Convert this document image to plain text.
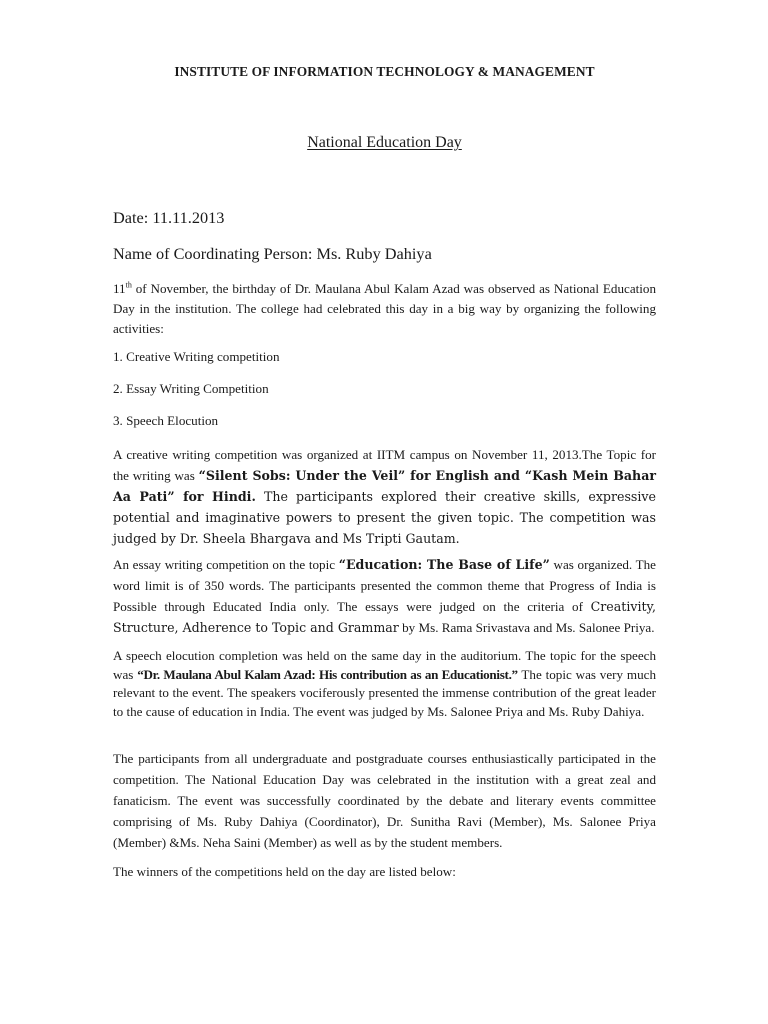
INSTITUTE OF INFORMATION TECHNOLOGY & MANAGEMENT
National Education Day
Date: 11.11.2013
Name of Coordinating Person: Ms. Ruby Dahiya
11th of November, the birthday of Dr. Maulana Abul Kalam Azad was observed as National Education Day in the institution. The college had celebrated this day in a big way by organizing the following activities:
1. Creative Writing competition
2. Essay Writing Competition
3. Speech Elocution
A creative writing competition was organized at IITM campus on November 11, 2013.The Topic for the writing was “Silent Sobs: Under the Veil” for English and “Kash Mein Bahar Aa Pati” for Hindi. The participants explored their creative skills, expressive potential and imaginative powers to present the given topic. The competition was judged by Dr. Sheela Bhargava and Ms Tripti Gautam.
An essay writing competition on the topic “Education: The Base of Life” was organized. The word limit is of 350 words. The participants presented the common theme that Progress of India is Possible through Educated India only. The essays were judged on the criteria of Creativity, Structure, Adherence to Topic and Grammar by Ms. Rama Srivastava and Ms. Salonee Priya.
A speech elocution completion was held on the same day in the auditorium. The topic for the speech was “Dr. Maulana Abul Kalam Azad: His contribution as an Educationist.” The topic was very much relevant to the event. The speakers vociferously presented the immense contribution of the great leader to the cause of education in India. The event was judged by Ms. Salonee Priya and Ms. Ruby Dahiya.
The participants from all undergraduate and postgraduate courses enthusiastically participated in the competition. The National Education Day was celebrated in the institution with a great zeal and fanaticism. The event was successfully coordinated by the debate and literary events committee comprising of Ms. Ruby Dahiya (Coordinator), Dr. Sunitha Ravi (Member), Ms. Salonee Priya (Member) &Ms. Neha Saini (Member) as well as by the student members.
The winners of the competitions held on the day are listed below:
